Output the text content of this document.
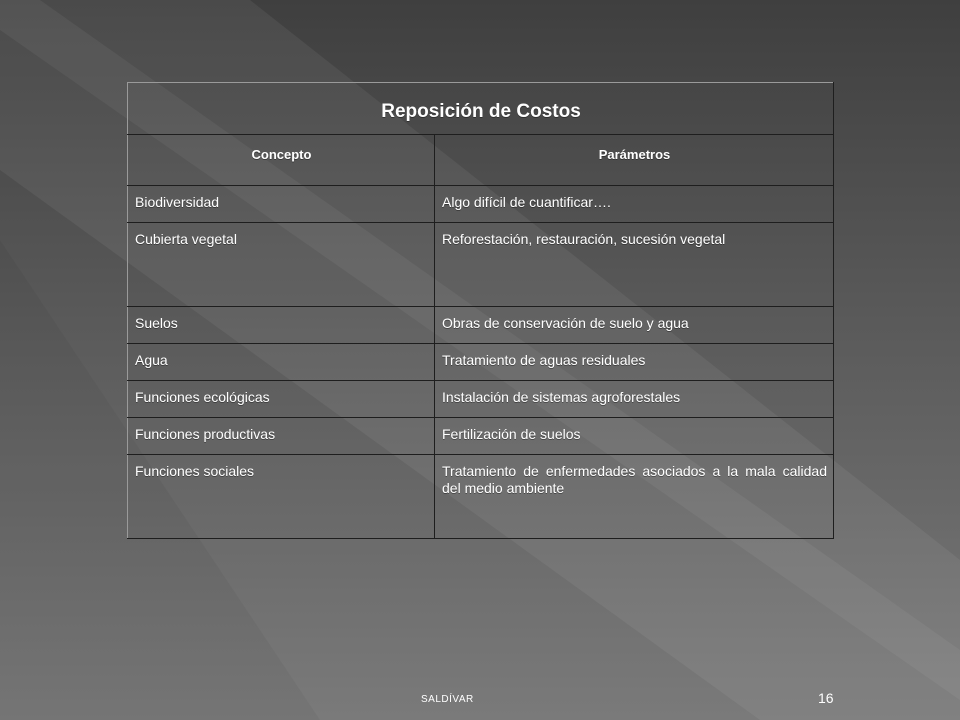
Reposición de Costos	
Concepto	Parámetros
Biodiversidad	Algo difícil de cuantificar….
Cubierta vegetal	Reforestación, restauración, sucesión vegetal
Suelos	Obras de conservación de suelo y agua
Agua	Tratamiento de aguas residuales
Funciones ecológicas	Instalación de sistemas agroforestales
Funciones productivas	Fertilización de suelos
Funciones sociales	Tratamiento de enfermedades asociados a la mala calidad del medio ambiente
SALDÍVAR	16
